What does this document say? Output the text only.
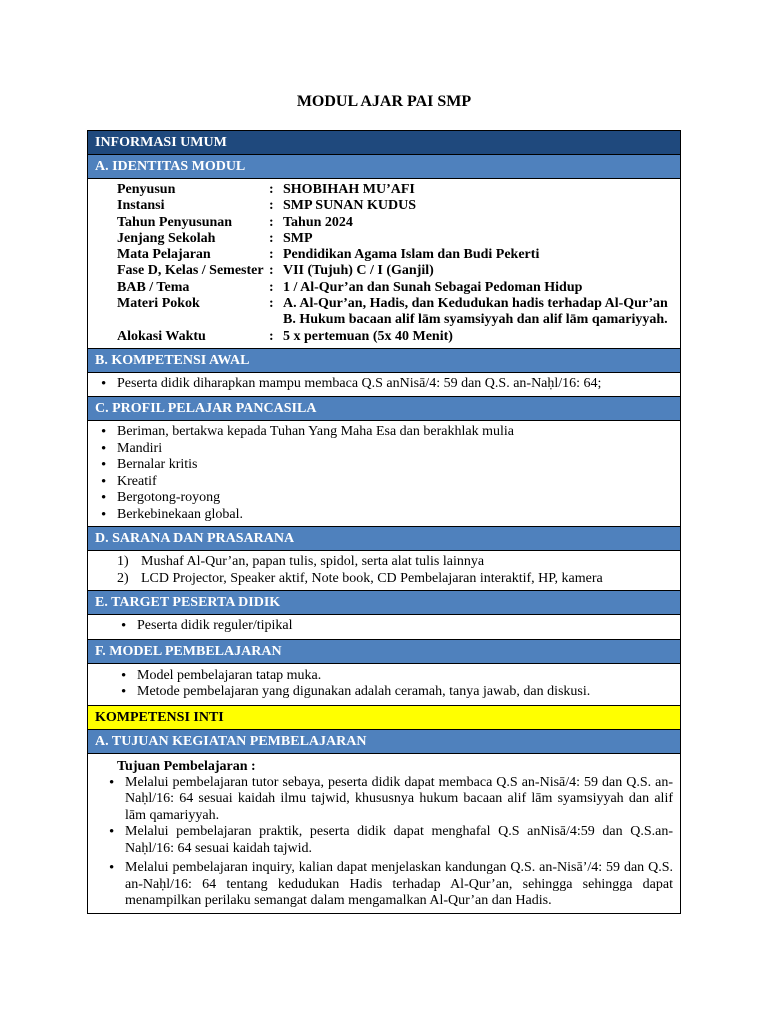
MODUL AJAR PAI SMP
INFORMASI UMUM
A. IDENTITAS MODUL
Penyusun	: SHOBIHAH MU’AFI
Instansi	: SMP SUNAN KUDUS
Tahun Penyusunan	: Tahun 2024
Jenjang Sekolah	: SMP
Mata Pelajaran	: Pendidikan Agama Islam dan Budi Pekerti
Fase D, Kelas / Semester : VII (Tujuh) C / I (Ganjil)
BAB / Tema	: 1 / Al-Qur’an dan Sunah Sebagai Pedoman Hidup
Materi Pokok	: A. Al-Qur’an, Hadis, dan Kedudukan hadis terhadap Al-Qur’an
B. Hukum bacaan alif lām syamsiyyah dan alif lām qamariyyah.
Alokasi Waktu	: 5 x pertemuan (5x 40 Menit)
B. KOMPETENSI AWAL
• Peserta didik diharapkan mampu membaca Q.S anNisā/4: 59 dan Q.S. an-Naḥl/16: 64;
C. PROFIL PELAJAR PANCASILA
• Beriman, bertakwa kepada Tuhan Yang Maha Esa dan berakhlak mulia
• Mandiri
• Bernalar kritis
• Kreatif
• Bergotong-royong
• Berkebinekaan global.
D. SARANA DAN PRASARANA
1) Mushaf Al-Qur’an, papan tulis, spidol, serta alat tulis lainnya
2) LCD Projector, Speaker aktif, Note book, CD Pembelajaran interaktif, HP, kamera
E. TARGET PESERTA DIDIK
• Peserta didik reguler/tipikal
F. MODEL PEMBELAJARAN
• Model pembelajaran tatap muka.
• Metode pembelajaran yang digunakan adalah ceramah, tanya jawab, dan diskusi.
KOMPETENSI INTI
A. TUJUAN KEGIATAN PEMBELAJARAN
Tujuan Pembelajaran :
• Melalui pembelajaran tutor sebaya, peserta didik dapat membaca Q.S an-Nisā/4: 59 dan Q.S. an-Naḥl/16: 64 sesuai kaidah ilmu tajwid, khususnya hukum bacaan alif lām syamsiyyah dan alif lām qamariyyah.
• Melalui pembelajaran praktik, peserta didik dapat menghafal Q.S anNisā/4:59 dan Q.S.an-Naḥl/16: 64 sesuai kaidah tajwid.
• Melalui pembelajaran inquiry, kalian dapat menjelaskan kandungan Q.S. an-Nisā’/4: 59 dan Q.S. an-Naḥl/16: 64 tentang kedudukan Hadis terhadap Al-Qur’an, sehingga sehingga dapat menampilkan perilaku semangat dalam mengamalkan Al-Qur’an dan Hadis.
